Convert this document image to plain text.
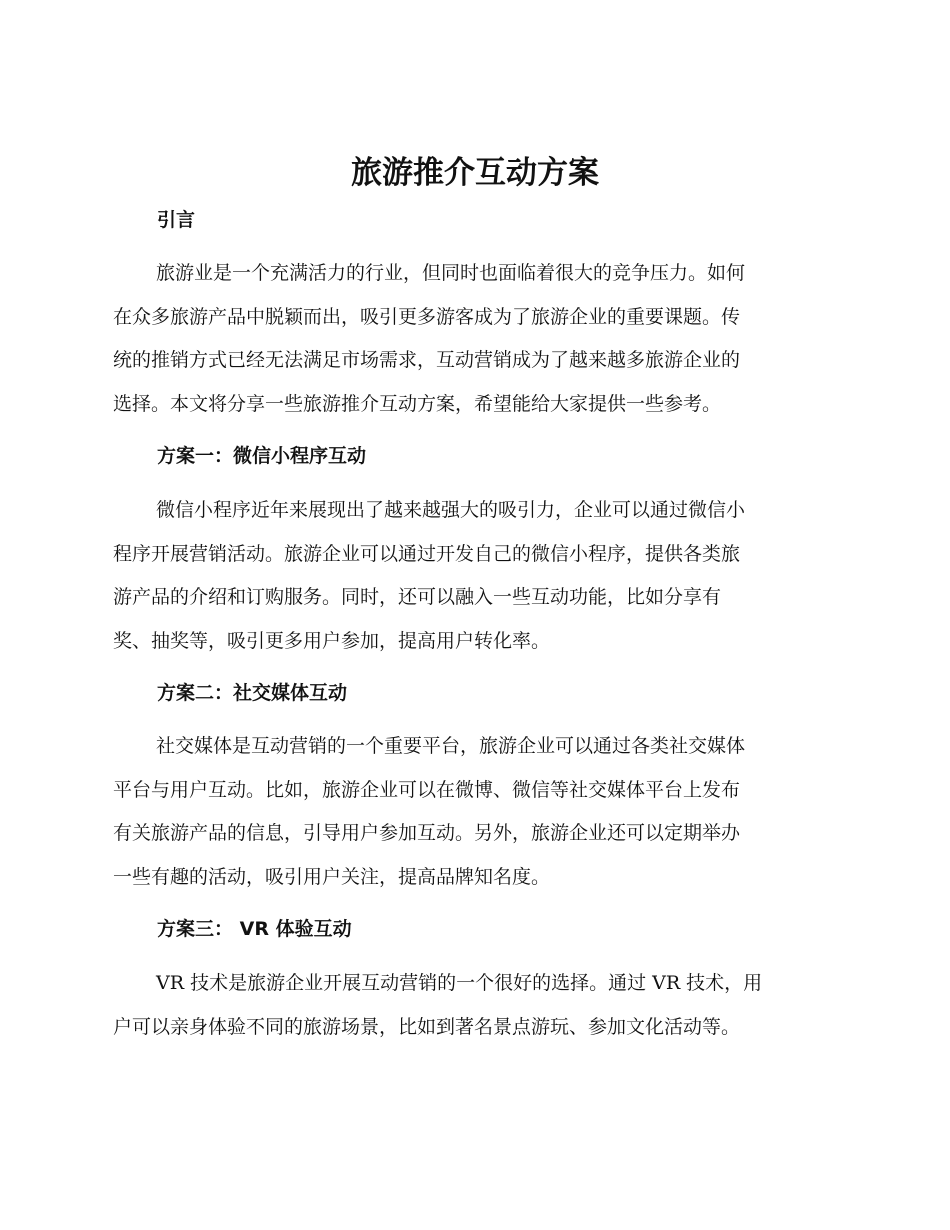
旅游推介互动方案
引言
旅游业是一个充满活力的行业，但同时也面临着很大的竞争压力。如何
在众多旅游产品中脱颖而出，吸引更多游客成为了旅游企业的重要课题。传
统的推销方式已经无法满足市场需求，互动营销成为了越来越多旅游企业的
选择。本文将分享一些旅游推介互动方案，希望能给大家提供一些参考。
方案一：微信小程序互动
微信小程序近年来展现出了越来越强大的吸引力，企业可以通过微信小
程序开展营销活动。旅游企业可以通过开发自己的微信小程序，提供各类旅
游产品的介绍和订购服务。同时，还可以融入一些互动功能，比如分享有
奖、抽奖等，吸引更多用户参加，提高用户转化率。
方案二：社交媒体互动
社交媒体是互动营销的一个重要平台，旅游企业可以通过各类社交媒体
平台与用户互动。比如，旅游企业可以在微博、微信等社交媒体平台上发布
有关旅游产品的信息，引导用户参加互动。另外，旅游企业还可以定期举办
一些有趣的活动，吸引用户关注，提高品牌知名度。
方案三： VR 体验互动
VR 技术是旅游企业开展互动营销的一个很好的选择。通过 VR 技术，用
户可以亲身体验不同的旅游场景，比如到著名景点游玩、参加文化活动等。
